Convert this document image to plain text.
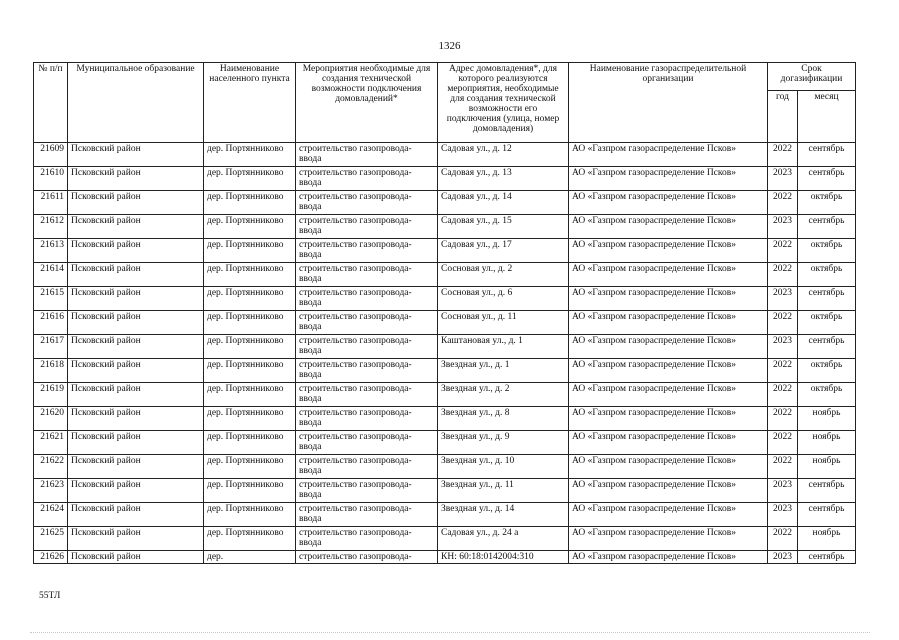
1326
№ п/п	Муниципальное образование	Наименование населенного пункта	Мероприятия необходимые для создания технической возможности подключения домовладений*	Адрес домовладения*, для которого реализуются мероприятия, необходимые для создания технической возможности его подключения (улица, номер домовладения)	Наименование газораспределительной организации	Срок догазификации	
						год	месяц
21609	Псковский район	дер. Портянниково	строительство газопровода-ввода	Садовая ул., д. 12	АО «Газпром газораспределение Псков»	2022	сентябрь
21610	Псковский район	дер. Портянниково	строительство газопровода-ввода	Садовая ул., д. 13	АО «Газпром газораспределение Псков»	2023	сентябрь
21611	Псковский район	дер. Портянниково	строительство газопровода-ввода	Садовая ул., д. 14	АО «Газпром газораспределение Псков»	2022	октябрь
21612	Псковский район	дер. Портянниково	строительство газопровода-ввода	Садовая ул., д. 15	АО «Газпром газораспределение Псков»	2023	сентябрь
21613	Псковский район	дер. Портянниково	строительство газопровода-ввода	Садовая ул., д. 17	АО «Газпром газораспределение Псков»	2022	октябрь
21614	Псковский район	дер. Портянниково	строительство газопровода-ввода	Сосновая ул., д. 2	АО «Газпром газораспределение Псков»	2022	октябрь
21615	Псковский район	дер. Портянниково	строительство газопровода-ввода	Сосновая ул., д. 6	АО «Газпром газораспределение Псков»	2023	сентябрь
21616	Псковский район	дер. Портянниково	строительство газопровода-ввода	Сосновая ул., д. 11	АО «Газпром газораспределение Псков»	2022	октябрь
21617	Псковский район	дер. Портянниково	строительство газопровода-ввода	Каштановая ул., д. 1	АО «Газпром газораспределение Псков»	2023	сентябрь
21618	Псковский район	дер. Портянниково	строительство газопровода-ввода	Звездная ул., д. 1	АО «Газпром газораспределение Псков»	2022	октябрь
21619	Псковский район	дер. Портянниково	строительство газопровода-ввода	Звездная ул., д. 2	АО «Газпром газораспределение Псков»	2022	октябрь
21620	Псковский район	дер. Портянниково	строительство газопровода-ввода	Звездная ул., д. 8	АО «Газпром газораспределение Псков»	2022	ноябрь
21621	Псковский район	дер. Портянниково	строительство газопровода-ввода	Звездная ул., д. 9	АО «Газпром газораспределение Псков»	2022	ноябрь
21622	Псковский район	дер. Портянниково	строительство газопровода-ввода	Звездная ул., д. 10	АО «Газпром газораспределение Псков»	2022	ноябрь
21623	Псковский район	дер. Портянниково	строительство газопровода-ввода	Звездная ул., д. 11	АО «Газпром газораспределение Псков»	2023	сентябрь
21624	Псковский район	дер. Портянниково	строительство газопровода-ввода	Звездная ул., д. 14	АО «Газпром газораспределение Псков»	2023	сентябрь
21625	Псковский район	дер. Портянниково	строительство газопровода-ввода	Садовая ул., д. 24 а	АО «Газпром газораспределение Псков»	2022	ноябрь
21626	Псковский район	дер.	строительство газопровода-	КН: 60:18:0142004:310	АО «Газпром газораспределение Псков»	2023	сентябрь
55ТЛ
